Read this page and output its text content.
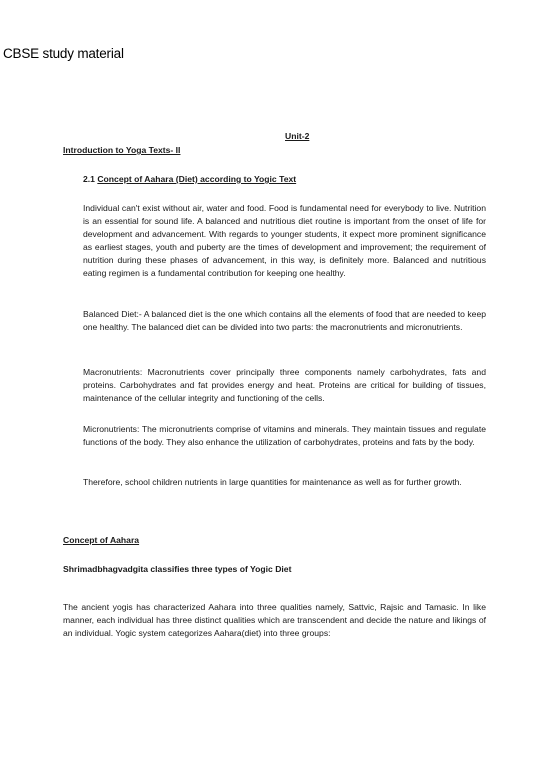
CBSE study material
Unit-2
Introduction to Yoga Texts- II
2.1 Concept of Aahara (Diet) according to Yogic Text

Individual can't exist without air, water and food. Food is fundamental need for everybody to live. Nutrition is an essential for sound life. A balanced and nutritious diet routine is important from the onset of life for development and advancement. With regards to younger students, it expect more prominent significance as earliest stages, youth and puberty are the times of development and improvement; the requirement of nutrition during these phases of advancement, in this way, is definitely more. Balanced and nutritious eating regimen is a fundamental contribution for keeping one healthy.

Balanced Diet:- A balanced diet is the one which contains all the elements of food that are needed to keep one healthy. The balanced diet can be divided into two parts: the macronutrients and micronutrients.

Macronutrients: Macronutrients cover principally three components namely carbohydrates, fats and proteins. Carbohydrates and fat provides energy and heat. Proteins are critical for building of tissues, maintenance of the cellular integrity and functioning of the cells.

Micronutrients: The micronutrients comprise of vitamins and minerals. They maintain tissues and regulate functions of the body. They also enhance the utilization of carbohydrates, proteins and fats by the body.

Therefore, school children nutrients in large quantities for maintenance as well as for further growth.

Concept of Aahara
Shrimadbhagvadgita classifies three types of Yogic Diet

The ancient yogis has characterized Aahara into three qualities namely, Sattvic, Rajsic and Tamasic. In like manner, each individual has three distinct qualities which are transcendent and decide the nature and likings of an individual. Yogic system categorizes Aahara(diet) into three groups:
